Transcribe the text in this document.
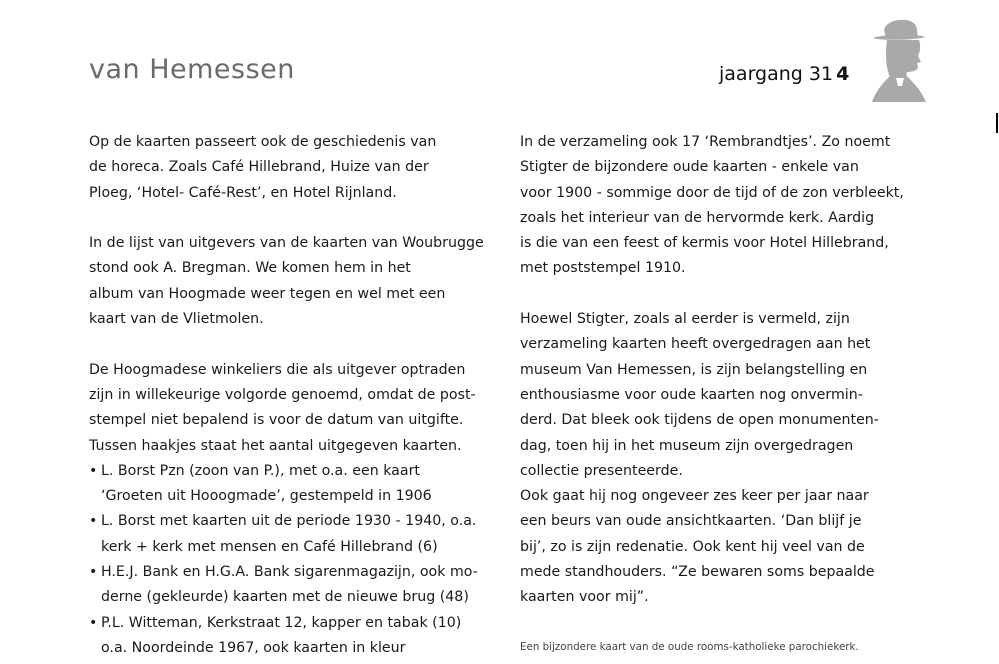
van Hemessen	jaargang 31 4
Op de kaarten passeert ook de geschiedenis van
de horeca. Zoals Café Hillebrand, Huize van der
Ploeg, ‘Hotel- Café-Rest’, en Hotel Rijnland.
In de lijst van uitgevers van de kaarten van Woubrugge
stond ook A. Bregman. We komen hem in het
album van Hoogmade weer tegen en wel met een
kaart van de Vlietmolen.
De Hoogmadese winkeliers die als uitgever optraden
zijn in willekeurige volgorde genoemd, omdat de post-
stempel niet bepalend is voor de datum van uitgifte.
Tussen haakjes staat het aantal uitgegeven kaarten.
• L. Borst Pzn (zoon van P.), met o.a. een kaart
‘Groeten uit Hooogmade’, gestempeld in 1906
• L. Borst met kaarten uit de periode 1930 - 1940, o.a.
kerk + kerk met mensen en Café Hillebrand (6)
• H.E.J. Bank en H.G.A. Bank sigarenmagazijn, ook mo-
derne (gekleurde) kaarten met de nieuwe brug (48)
• P.L. Witteman, Kerkstraat 12, kapper en tabak (10)
o.a. Noordeinde 1967, ook kaarten in kleur
In de verzameling ook 17 ‘Rembrandtjes’. Zo noemt
Stigter de bijzondere oude kaarten - enkele van
voor 1900 - sommige door de tijd of de zon verbleekt,
zoals het interieur van de hervormde kerk. Aardig
is die van een feest of kermis voor Hotel Hillebrand,
met poststempel 1910.
Hoewel Stigter, zoals al eerder is vermeld, zijn
verzameling kaarten heeft overgedragen aan het
museum Van Hemessen, is zijn belangstelling en
enthousiasme voor oude kaarten nog onvermin-
derd. Dat bleek ook tijdens de open monumenten-
dag, toen hij in het museum zijn overgedragen
collectie presenteerde.
Ook gaat hij nog ongeveer zes keer per jaar naar
een beurs van oude ansichtkaarten. ‘Dan blijf je
bij’, zo is zijn redenatie. Ook kent hij veel van de
mede standhouders. “Ze bewaren soms bepaalde
kaarten voor mij”.
Een bijzondere kaart van de oude rooms-katholieke parochiekerk.
